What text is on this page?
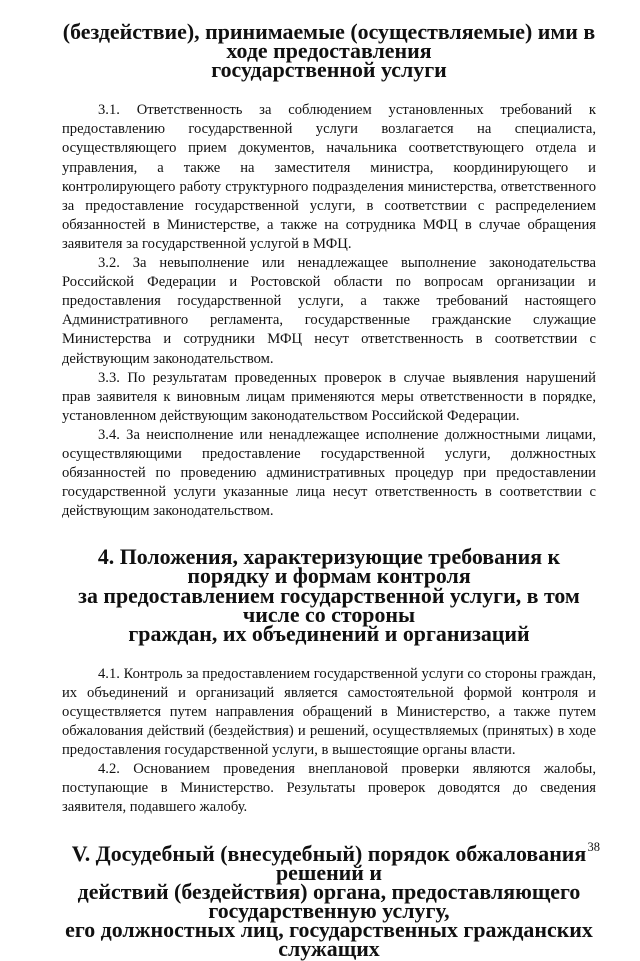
(бездействие), принимаемые (осуществляемые) ими в ходе предоставления
государственной услуги

3.1. Ответственность за соблюдением установленных требований к предоставлению государственной услуги возлагается на специалиста, осуществляющего прием документов, начальника соответствующего отдела и управления, а также на заместителя министра, координирующего и контролирующего работу структурного подразделения министерства, ответственного за предоставление государственной услуги, в соответствии с распределением обязанностей в Министерстве, а также на сотрудника МФЦ в случае обращения заявителя за государственной услугой в МФЦ.

3.2. За невыполнение или ненадлежащее выполнение законодательства Российской Федерации и Ростовской области по вопросам организации и предоставления государственной услуги, а также требований настоящего Административного регламента, государственные гражданские служащие Министерства и сотрудники МФЦ несут ответственность в соответствии с действующим законодательством.

3.3. По результатам проведенных проверок в случае выявления нарушений прав заявителя к виновным лицам применяются меры ответственности в порядке, установленном действующим законодательством Российской Федерации.

3.4. За неисполнение или ненадлежащее исполнение должностными лицами, осуществляющими предоставление государственной услуги, должностных обязанностей по проведению административных процедур при предоставлении государственной услуги указанные лица несут ответственность в соответствии с действующим законодательством.

4. Положения, характеризующие требования к порядку и формам контроля
за предоставлением государственной услуги, в том числе со стороны
граждан, их объединений и организаций

4.1. Контроль за предоставлением государственной услуги со стороны граждан, их объединений и организаций является самостоятельной формой контроля и осуществляется путем направления обращений в Министерство, а также путем обжалования действий (бездействия) и решений, осуществляемых (принятых) в ходе предоставления государственной услуги, в вышестоящие органы власти.

4.2. Основанием проведения внеплановой проверки являются жалобы, поступающие в Министерство. Результаты проверок доводятся до сведения заявителя, подавшего жалобу.

V. Досудебный (внесудебный) порядок обжалования решений и
действий (бездействия) органа, предоставляющего государственную услугу,
его должностных лиц, государственных гражданских служащих
38
